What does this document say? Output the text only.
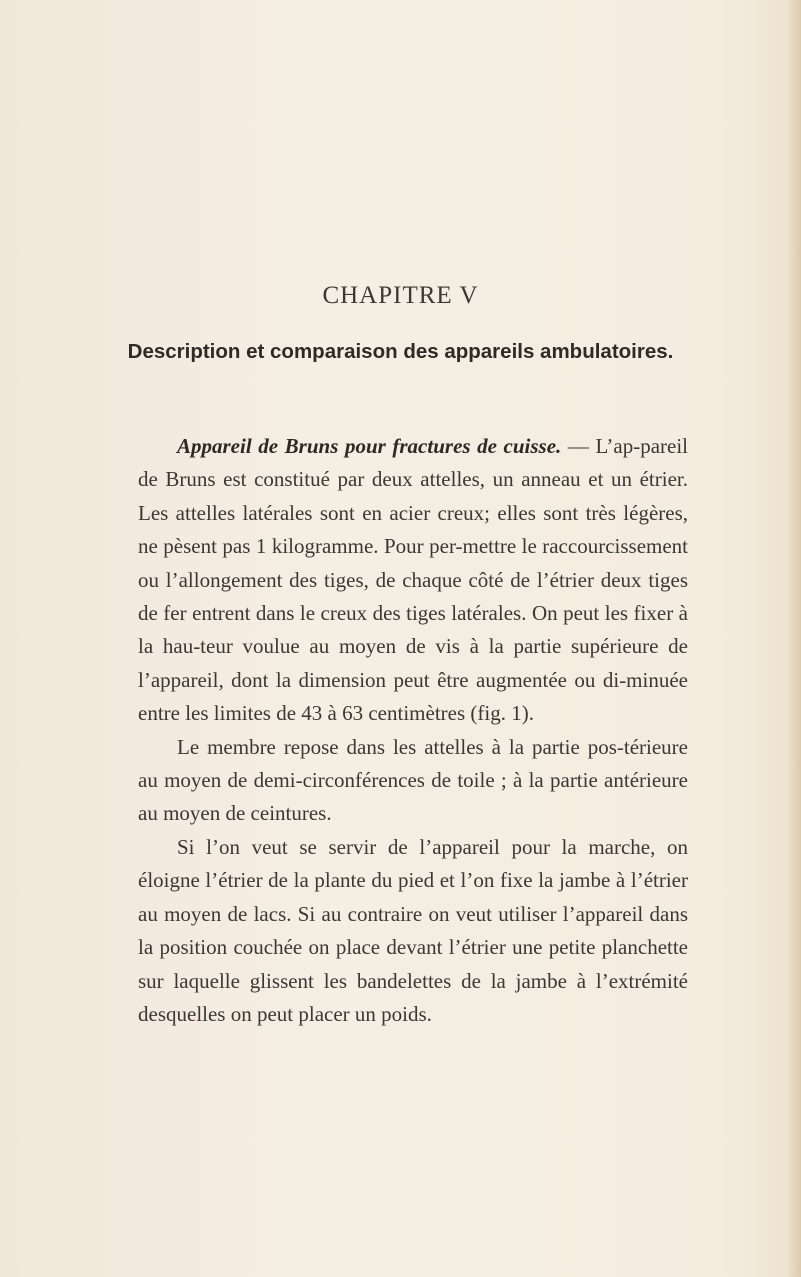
CHAPITRE V
Description et comparaison des appareils ambulatoires.

Appareil de Bruns pour fractures de cuisse. — L’ap-pareil de Bruns est constitué par deux attelles, un anneau et un étrier. Les attelles latérales sont en acier creux; elles sont très légères, ne pèsent pas 1 kilogramme. Pour per-mettre le raccourcissement ou l’allongement des tiges, de chaque côté de l’étrier deux tiges de fer entrent dans le creux des tiges latérales. On peut les fixer à la hau-teur voulue au moyen de vis à la partie supérieure de l’appareil, dont la dimension peut être augmentée ou di-minuée entre les limites de 43 à 63 centimètres (fig. 1).

Le membre repose dans les attelles à la partie pos-térieure au moyen de demi-circonférences de toile ; à la partie antérieure au moyen de ceintures.

Si l’on veut se servir de l’appareil pour la marche, on éloigne l’étrier de la plante du pied et l’on fixe la jambe à l’étrier au moyen de lacs. Si au contraire on veut utiliser l’appareil dans la position couchée on place devant l’étrier une petite planchette sur laquelle glissent les bandelettes de la jambe à l’extrémité desquelles on peut placer un poids.
